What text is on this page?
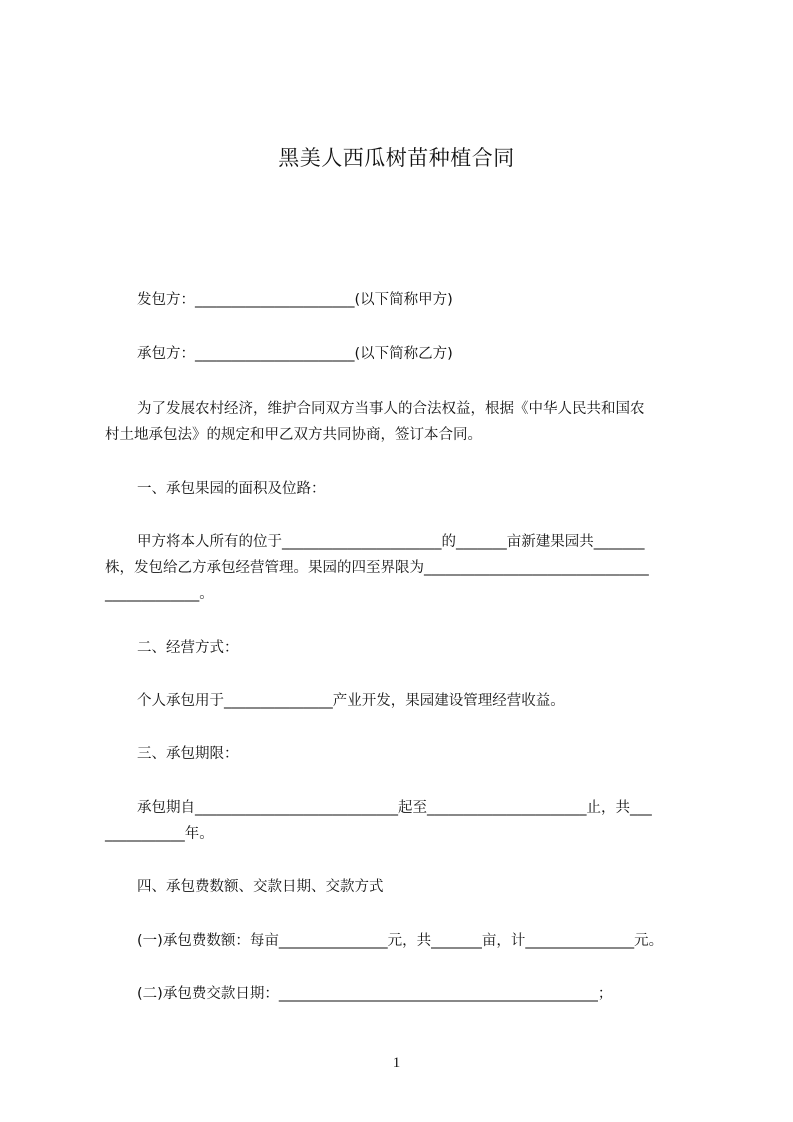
黑美人西瓜树苗种植合同
发包方：______________________(以下简称甲方)
承包方：______________________(以下简称乙方)
为了发展农村经济，维护合同双方当事人的合法权益，根据《中华人民共和国农
村土地承包法》的规定和甲乙双方共同协商，签订本合同。
一、承包果园的面积及位路：
甲方将本人所有的位于______________________的_______亩新建果园共_______
株，发包给乙方承包经营管理。果园的四至界限为_______________________________
_____________。
二、经营方式：
个人承包用于_______________产业开发，果园建设管理经营收益。
三、承包期限：
承包期自____________________________起至______________________止，共___
___________年。
四、承包费数额、交款日期、交款方式
(一)承包费数额：每亩_______________元，共_______亩，计_______________元。
(二)承包费交款日期：____________________________________________；
1
